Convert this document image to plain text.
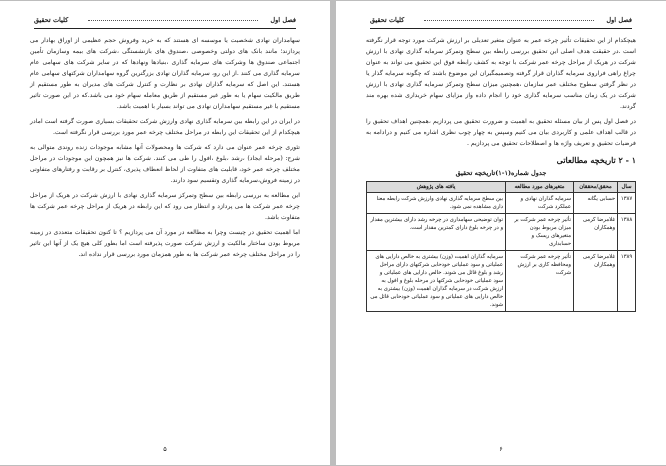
فصل اول
کلیات تحقیق

سهامداران نهادی شخصیت یا موسسه ای هستند که به خرید وفروش حجم عظیمی از اوراق بهادار می پردازند؛ مانند بانک های دولتی وخصوصی ،صندوق های بازنشستگی ،شرکت های بیمه وسازمان تأمین اجتماعی صندوق ها وشرکت های سرمایه گذاری ،بنیادها ونهادها که در سایر شرکت های سهامی عام سرمایه گذاری می کنند .از این رو، سرمایه گذاران نهادی بزرگترین گروه سهامداران شرکتهای سهامی عام هستند. این اصل که سرمایه گذاران نهادی بر نظارت و کنترل شرکت های مدیران به طور مستقیم از طریق مالکیت سهام یا به طور غیر مستقیم از طریق معامله سهام خود می باشد.که در این صورت تاثیر مستقیم یا غیر مستقیم سهامداران نهادی می تواند بسیار با اهمیت باشد.

در ایران در این رابطه بین سرمایه گذاری نهادی وارزش شرکت تحقیقات بسیاری صورت گرفته است امادر هیچکدام از این تحقیقات این رابطه در مراحل مختلف چرخه عمر مورد بررسی قرار نگرفته است.

تئوری چرخه عمر عنوان می دارد که شرکت ها ومحصولات آنها مشابه موجودات زنده روندی متوالی به شرح: (مرحله ایجاد) ،رشد ،بلوغ ،افول را طی می کنند. شرکت ها نیز همچون این موجودات در مراحل مختلف چرخه عمر خود، قابلیت های متفاوت از لحاظ انعطاف پذیری، کنترل بر رقابت و رفتارهای متفاوتی در زمینه فروش،سرمایه گذاری وتقسیم سود دارند.

این مطالعه به بررسی رابطه بین سطح وتمرکز سرمایه گذاری نهادی با ارزش شرکت در هریک از مراحل چرخه عمر شرکت ها می پردازد و انتظار می رود که این رابطه در هریک از مراحل چرخه عمر شرکت ها متفاوت باشد.

اما اهمیت تحقیق در چیست وچرا به مطالعه در مورد آن می پردازیم ؟ تا کنون تحقیقات متعددی در زمینه مربوط بودن ساختار مالکیت و ارزش شرکت صورت پذیرفته است اما بطور کلی هیچ یک از آنها این تاثیر را در مراحل مختلف چرخه عمر شرکت ها به طور همزمان مورد بررسی قرار نداده اند.

۵
فصل اول
کلیات تحقیق

هیچکدام از این تحقیقات تأثیر چرخه عمر به عنوان متغیر تعدیلی بر ارزش شرکت مورد توجه قرار نگرفته است .در حقیقت هدف اصلی این تحقیق بررسی رابطه بین سطح وتمرکز سرمایه گذاری نهادی با ارزش شرکت در هریک از مراحل چرخه عمر شرکت با توجه به کشف رابطه فوق این تحقیق می تواند به عنوان چراغ راهی فراروی سرمایه گذاران قرار گرفته وتصمیمگیران این موضوع باشند که چگونه سرمایه گذار یا در نظر گرفتن سطوح مختلف عمر سازمان ،همچنین میزان سطح وتمرکز سرمایه گذاری نهادی با ارزش شرکت در یک زمان مناسب سرمایه گذاری خود را انجام داده واز مزایای سهام خریداری شده بهره مند گردند.

در فصل اول پس از بیان مسئله تحقیق به اهمیت و ضرورت تحقیق می پردازیم ،همچنین اهداف تحقیق را در قالب اهداف علمی و کاربردی بیان می کنیم وسپس به چهار چوب نظری اشاره می کنیم و درادامه به فرضیات تحقیق و تعریف واژه ها و اصطلاحات تحقیق می پردازیم .

۱ - ۲ تاریخچه مطالعاتی
جدول شماره(۱-۱)تاریخچه تحقیق
سال	محقق/محققان	متغیرهای مورد مطالعه	یافته های پژوهش
۱۳۸۷	حسابی یگانه	سرمایه گذاران نهادی و عملکرد شرکت	بین سطح سرمایه گذاری نهادی وارزش شرکت رابطه معنا داری مشاهده نمی شود.
۱۳۸۸	غلامرضا کرمی وهمکاران	تأثیر چرخه عمر شرکت بر میزان مربوط بودن متغیرهای ریسک و حسابداری	توان توضیحی سهامداری در چرخه رشد دارای بیشترین مقدار و در چرخه بلوغ دارای کمترین مقدار است.
۱۳۸۹	غلامرضا کرمی وهمکاران	تأثیر چرخه عمر شرکت ومحافظه کاری بر ارزش شرکت	سرمایه گذاران اهمیت (وزن) بیشتری به خالص دارایی های عملیاتی و سود عملیاتی خودحابی شرکتهای دارای مراحل رشد و بلوغ قائل می شوند. خالص دارایی های عملیاتی و سود عملیاتی خودحابی شرکتها در مرحله بلوغ و افول به ارزش شرکت در سرمایه گذاران اهمیت (وزن) بیشتری به خالص دارایی های عملیاتی و سود عملیاتی خودحابی قائل می شوند.
۶
